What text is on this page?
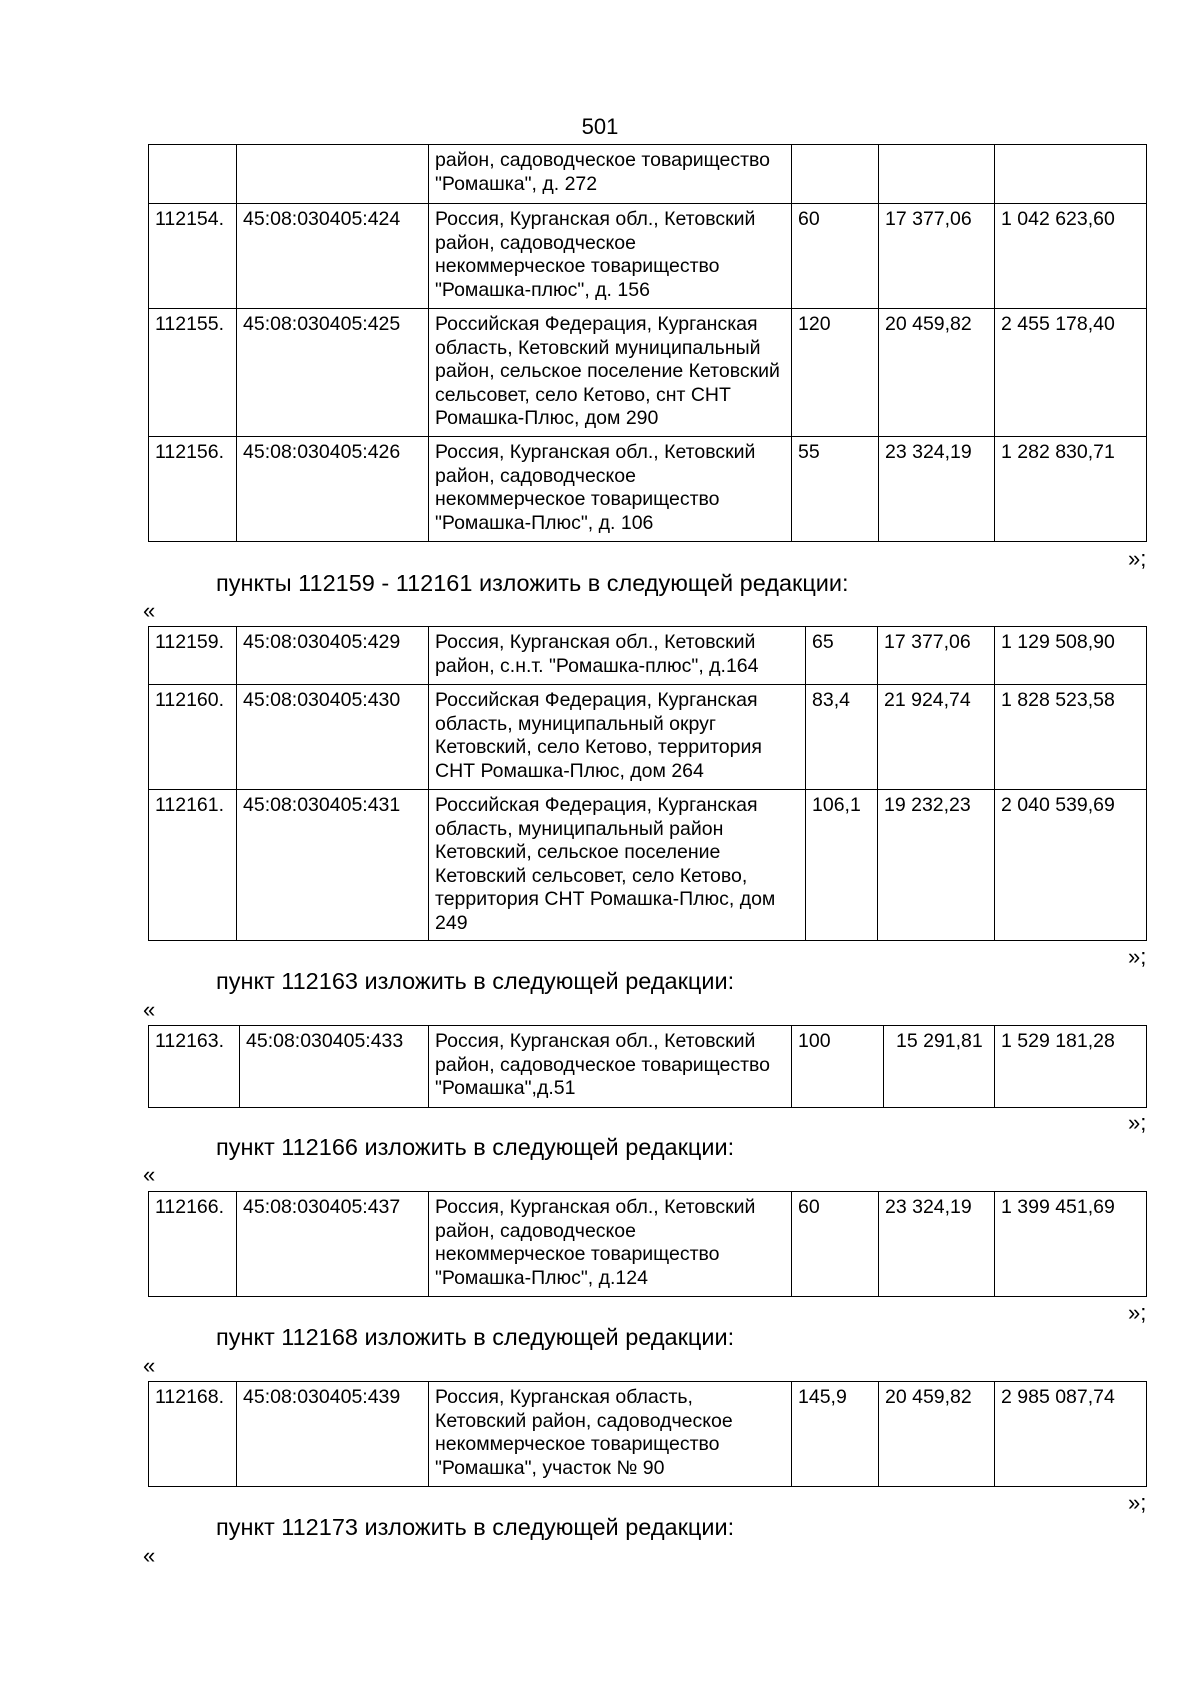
501
		район, садоводческое товарищество "Ромашка", д. 272			
112154.	45:08:030405:424	Россия, Курганская обл., Кетовский район, садоводческое некоммерческое товарищество "Ромашка-плюс", д. 156	60	17 377,06	1 042 623,60
112155.	45:08:030405:425	Российская Федерация, Курганская область, Кетовский муниципальный район, сельское поселение Кетовский сельсовет, село Кетово, снт СНТ Ромашка-Плюс, дом 290	120	20 459,82	2 455 178,40
112156.	45:08:030405:426	Россия, Курганская обл., Кетовский район, садоводческое некоммерческое товарищество "Ромашка-Плюс", д. 106	55	23 324,19	1 282 830,71
»;
пункты 112159 - 112161 изложить в следующей редакции:
«
112159.	45:08:030405:429	Россия, Курганская обл., Кетовский район, с.н.т. "Ромашка-плюс", д.164	65	17 377,06	1 129 508,90
112160.	45:08:030405:430	Российская Федерация, Курганская область, муниципальный округ Кетовский, село Кетово, территория СНТ Ромашка-Плюс, дом 264	83,4	21 924,74	1 828 523,58
112161.	45:08:030405:431	Российская Федерация, Курганская область, муниципальный район Кетовский, сельское поселение Кетовский сельсовет, село Кетово, территория СНТ Ромашка-Плюс, дом 249	106,1	19 232,23	2 040 539,69
»;
пункт 112163 изложить в следующей редакции:
«
112163.	45:08:030405:433	Россия, Курганская обл., Кетовский район, садоводческое товарищество "Ромашка",д.51	100	15 291,81	1 529 181,28
»;
пункт 112166 изложить в следующей редакции:
«
112166.	45:08:030405:437	Россия, Курганская обл., Кетовский район, садоводческое некоммерческое товарищество "Ромашка-Плюс", д.124	60	23 324,19	1 399 451,69
»;
пункт 112168 изложить в следующей редакции:
«
112168.	45:08:030405:439	Россия, Курганская область, Кетовский район, садоводческое некоммерческое товарищество "Ромашка", участок № 90	145,9	20 459,82	2 985 087,74
»;
пункт 112173 изложить в следующей редакции:
«
